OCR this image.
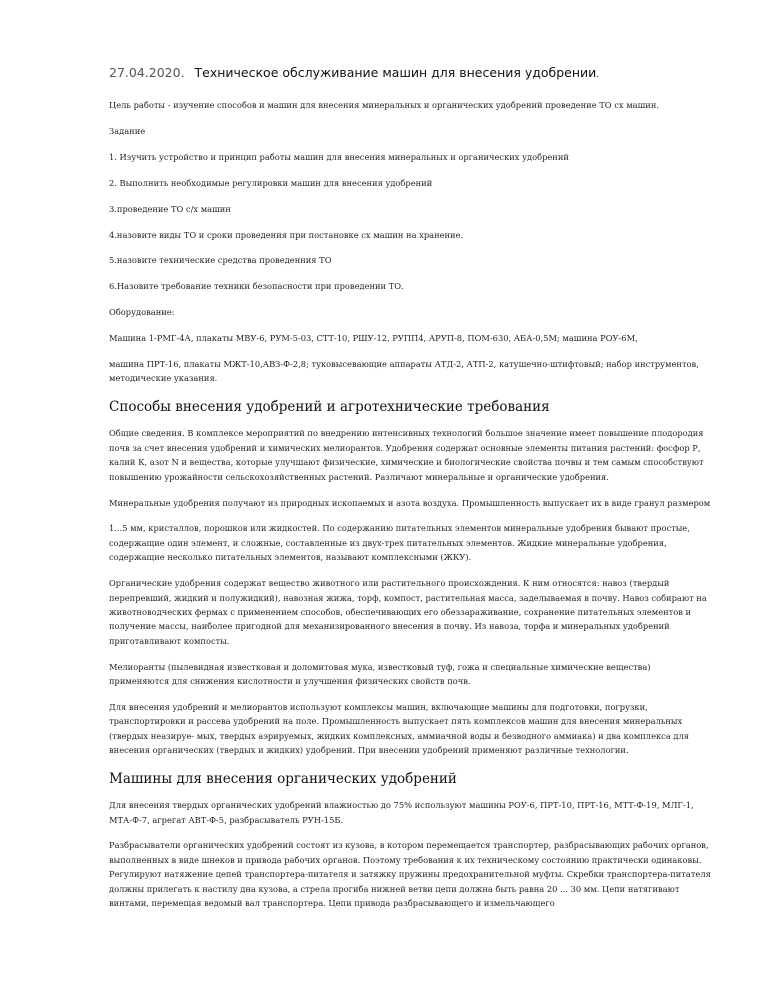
27.04.2020. Техническое обслуживание машин для внесения удобрении.

Цель работы - изучение способов и машин для внесения минеральных и органических удобрений проведение ТО сх машин.

Задание

1. Изучить устройство и принцип работы машин для внесения минеральных и органических удобрений

2. Выполнить необходимые регулировки машин для внесения удобрений

3.проведение ТО с/х машин

4.назовите виды ТО и сроки проведения при постановке сх машин на хранение.

5.назовите технические средства проведенния ТО

6.Назовите требование техники безопасности при проведении ТО.

Оборудование:

Машина 1-РМГ-4А, плакаты МВУ-6, РУМ-5-03, СТТ-10, РШУ-12, РУПП4, АРУП-8, ПОМ-630, АБА-0,5М; машина РОУ-6М,

машина ПРТ-16, плакаты МЖТ-10,АВЗ-Ф-2,8; туковысевающие аппараты АТД-2, АТП-2, катушечно-штифтовый; набор инструментов, методические указания.

Способы внесения удобрений и агротехнические требования

Общие сведения. В комплексе мероприятий по внедрению интенсивных технологий большое значение имеет повышение плодородия почв за счет внесения удобрений и химических мелиорантов. Удобрения содержат основные элементы питания растений: фосфор Р, калий К, азот N и вещества, которые улучшают физические, химические и биологические свойства почвы и тем самым способствуют повышению урожайности сельскохозяйственных растений. Различают минеральные и органические удобрения.

Минеральные удобрения получают из природных ископаемых и азота воздуха. Промышленность выпускает их в виде гранул размером

1...5 мм, кристаллов, порошков или жидкостей. По содержанию питательных элементов минеральные удобрения бывают простые, содержащие один элемент, и сложные, составленные из двух-трех питательных элементов. Жидкие минеральные удобрения, содержащие несколько питательных элементов, называют комплексными (ЖКУ).

Органические удобрения содержат вещество животного или растительного происхождения. К ним относятся: навоз (твердый перепревший, жидкий и полужидкий), навозная жижа, торф, компост, растительная масса, заделываемая в почву. Навоз собирают на животноводческих фермах с применением способов, обеспечивающих его обеззараживание, сохранение питательных элементов и получение массы, наиболее пригодной для механизированного внесения в почву. Из навоза, торфа и минеральных удобрений приготавливают компосты.

Мелиоранты (пылевидная известковая и доломитовая мука, известковый туф, гожа и специальные химические вещества) применяются для снижения кислотности и улучшения физических свойств почв.

Для внесения удобрений и мелиорантов используют комплексы машин, включающие машины для подготовки, погрузки, транспортировки и рассева удобрений на поле. Промышленность выпускает пять комплексов машин для внесения минеральных (твердых неазируе- мых, твердых аэрируемых, жидких комплексных, аммиачной воды и безводного аммиака) и два комплекса для внесения органических (твердых и жидких) удобрений. При внесении удобрений применяют различные технологии.

Машины для внесения органических удобрений

Для внесения твердых органических удобрений влажностью до 75% используют машины РОУ-6, ПРТ-10, ПРТ-16, МТТ-Ф-19, МЛГ-1, МТА-Ф-7, агрегат АВТ-Ф-5, разбрасыватель РУН-15Б.

Разбрасыватели органических удобрений состоят из кузова, в котором перемещается транспортер, разбрасывающих рабочих органов, выполненных в виде шнеков и привода рабочих органов. Поэтому требования к их техническому состоянию практически одинаковы. Регулируют натяжение цепей транспортера-питателя и затяжку пружины предохранительной муфты. Скребки транспортера-питателя должны прилегать к настилу дна кузова, а стрела прогиба нижней ветви цепи должна быть равна 20 ... 30 мм. Цепи натягивают винтами, перемещая ведомый вал транспортера. Цепи привода разбрасывающего и измельчающего
